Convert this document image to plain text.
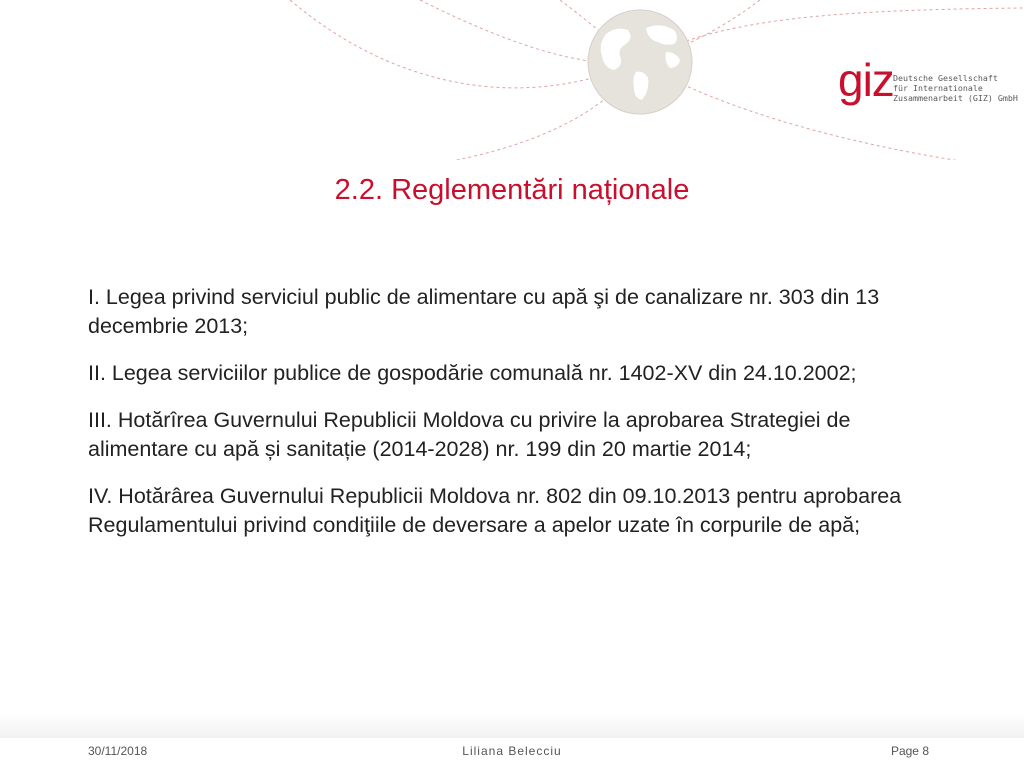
giz Deutsche Gesellschaft
für Internationale
Zusammenarbeit (GIZ) GmbH
2.2. Reglementări naționale
I. Legea privind serviciul public de alimentare cu apă şi de canalizare nr. 303 din 13 decembrie 2013;
II. Legea serviciilor publice de gospodărie comunală nr. 1402-XV din 24.10.2002;
III. Hotărîrea Guvernului Republicii Moldova cu privire la aprobarea Strategiei de alimentare cu apă și sanitație (2014-2028) nr. 199 din 20 martie 2014;
IV. Hotărârea Guvernului Republicii Moldova nr. 802 din 09.10.2013 pentru aprobarea Regulamentului privind condiţiile de deversare a apelor uzate în corpurile de apă;
30/11/2018	Liliana Belecciu	Page 8
